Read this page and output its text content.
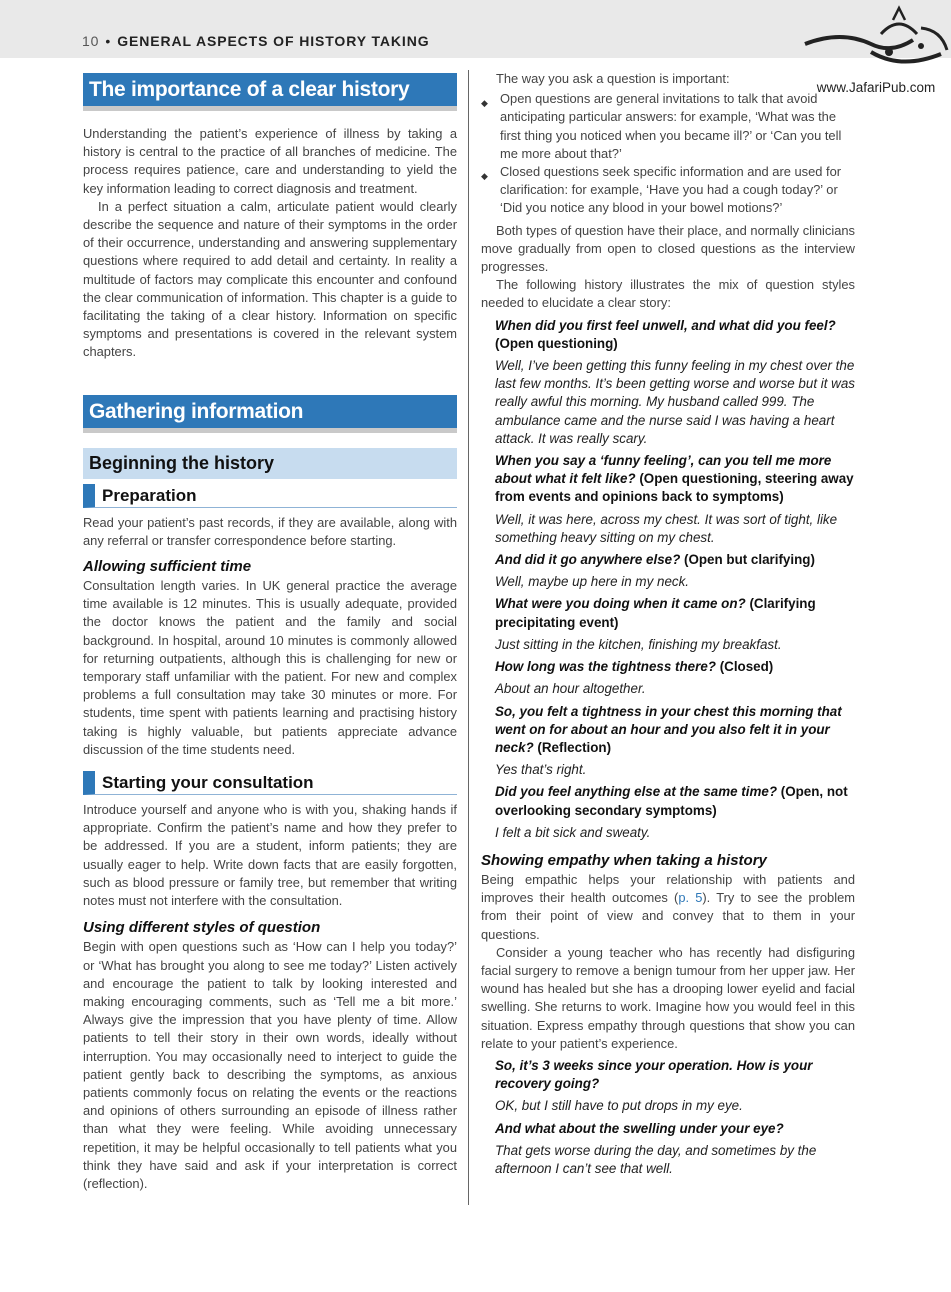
10 • GENERAL ASPECTS OF HISTORY TAKING
www.JafariPub.com
The importance of a clear history

Understanding the patient’s experience of illness by taking a history is central to the practice of all branches of medicine. The process requires patience, care and understanding to yield the key information leading to correct diagnosis and treatment.

In a perfect situation a calm, articulate patient would clearly describe the sequence and nature of their symptoms in the order of their occurrence, understanding and answering supplementary questions where required to add detail and certainty. In reality a multitude of factors may complicate this encounter and confound the clear communication of information. This chapter is a guide to facilitating the taking of a clear history. Information on specific symptoms and presentations is covered in the relevant system chapters.

Gathering information
Beginning the history
Preparation

Read your patient’s past records, if they are available, along with any referral or transfer correspondence before starting.

Allowing sufficient time

Consultation length varies. In UK general practice the average time available is 12 minutes. This is usually adequate, provided the doctor knows the patient and the family and social background. In hospital, around 10 minutes is commonly allowed for returning outpatients, although this is challenging for new or temporary staff unfamiliar with the patient. For new and complex problems a full consultation may take 30 minutes or more. For students, time spent with patients learning and practising history taking is highly valuable, but patients appreciate advance discussion of the time students need.

Starting your consultation

Introduce yourself and anyone who is with you, shaking hands if appropriate. Confirm the patient’s name and how they prefer to be addressed. If you are a student, inform patients; they are usually eager to help. Write down facts that are easily forgotten, such as blood pressure or family tree, but remember that writing notes must not interfere with the consultation.

Using different styles of question

Begin with open questions such as ‘How can I help you today?’ or ‘What has brought you along to see me today?’ Listen actively and encourage the patient to talk by looking interested and making encouraging comments, such as ‘Tell me a bit more.’ Always give the impression that you have plenty of time. Allow patients to tell their story in their own words, ideally without interruption. You may occasionally need to interject to guide the patient gently back to describing the symptoms, as anxious patients commonly focus on relating the events or the reactions and opinions of others surrounding an episode of illness rather than what they were feeling. While avoiding unnecessary repetition, it may be helpful occasionally to tell patients what you think they have said and ask if your interpretation is correct (reflection).

The way you ask a question is important:

◆ Open questions are general invitations to talk that avoid anticipating particular answers: for example, ‘What was the first thing you noticed when you became ill?’ or ‘Can you tell me more about that?’
◆ Closed questions seek specific information and are used for clarification: for example, ‘Have you had a cough today?’ or ‘Did you notice any blood in your bowel motions?’

Both types of question have their place, and normally clinicians move gradually from open to closed questions as the interview progresses.

The following history illustrates the mix of question styles needed to elucidate a clear story:

When did you first feel unwell, and what did you feel? (Open questioning)
Well, I’ve been getting this funny feeling in my chest over the last few months. It’s been getting worse and worse but it was really awful this morning. My husband called 999. The ambulance came and the nurse said I was having a heart attack. It was really scary.
When you say a ‘funny feeling’, can you tell me more about what it felt like? (Open questioning, steering away from events and opinions back to symptoms)
Well, it was here, across my chest. It was sort of tight, like something heavy sitting on my chest.
And did it go anywhere else? (Open but clarifying)
Well, maybe up here in my neck.
What were you doing when it came on? (Clarifying precipitating event)
Just sitting in the kitchen, finishing my breakfast.
How long was the tightness there? (Closed)
About an hour altogether.
So, you felt a tightness in your chest this morning that went on for about an hour and you also felt it in your neck? (Reflection)
Yes that’s right.
Did you feel anything else at the same time? (Open, not overlooking secondary symptoms)
I felt a bit sick and sweaty.
Showing empathy when taking a history

Being empathic helps your relationship with patients and improves their health outcomes (p. 5). Try to see the problem from their point of view and convey that to them in your questions.

Consider a young teacher who has recently had disfiguring facial surgery to remove a benign tumour from her upper jaw. Her wound has healed but she has a drooping lower eyelid and facial swelling. She returns to work. Imagine how you would feel in this situation. Express empathy through questions that show you can relate to your patient’s experience.

So, it’s 3 weeks since your operation. How is your recovery going?
OK, but I still have to put drops in my eye.
And what about the swelling under your eye?
That gets worse during the day, and sometimes by the afternoon I can’t see that well.
